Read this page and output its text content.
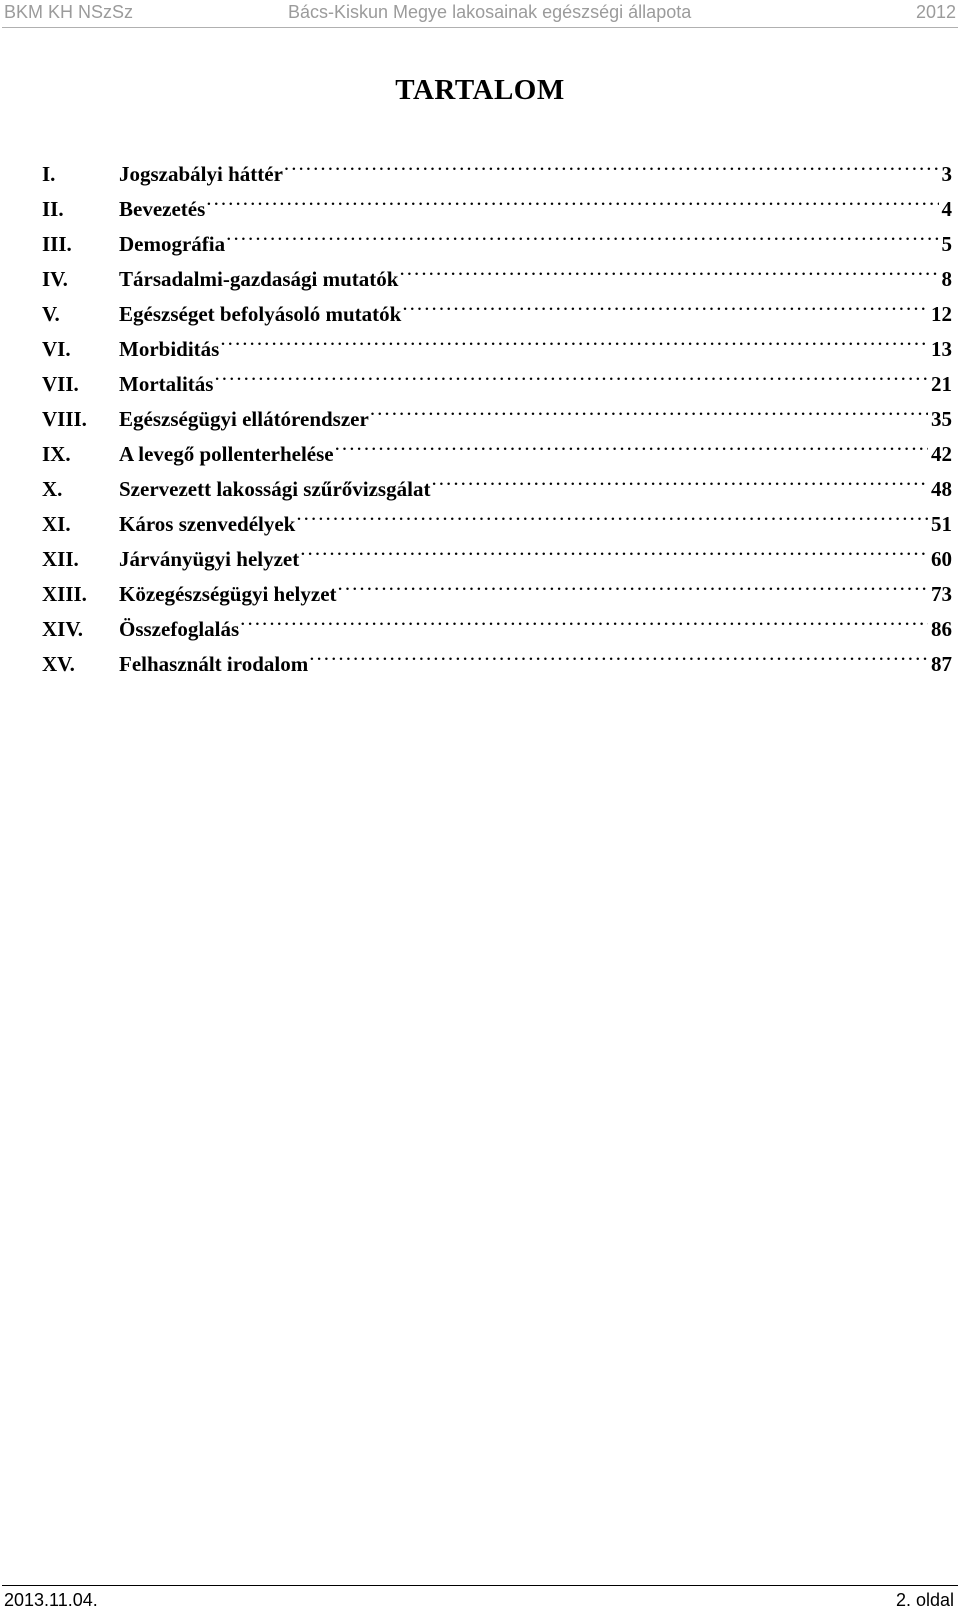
BKM KH NSzSz	Bács-Kiskun Megye lakosainak egészségi állapota	2012
TARTALOM
I.	Jogszabályi háttér . . .	3
II.	Bevezetés . . .	4
III.	Demográfia . . .	5
IV.	Társadalmi-gazdasági mutatók . . .	8
V.	Egészséget befolyásoló mutatók . . .	12
VI.	Morbiditás . . .	13
VII.	Mortalitás . . .	21
VIII.	Egészségügyi ellátórendszer . . .	35
IX.	A levegő pollenterhelése . . .	42
X.	Szervezett lakossági szűrővizsgálat . . .	48
XI.	Káros szenvedélyek . . .	51
XII.	Járványügyi helyzet . . .	60
XIII.	Közegészségügyi helyzet . . .	73
XIV.	Összefoglalás . . .	86
XV.	Felhasznált irodalom . . .	87
2013.11.04.	2. oldal
